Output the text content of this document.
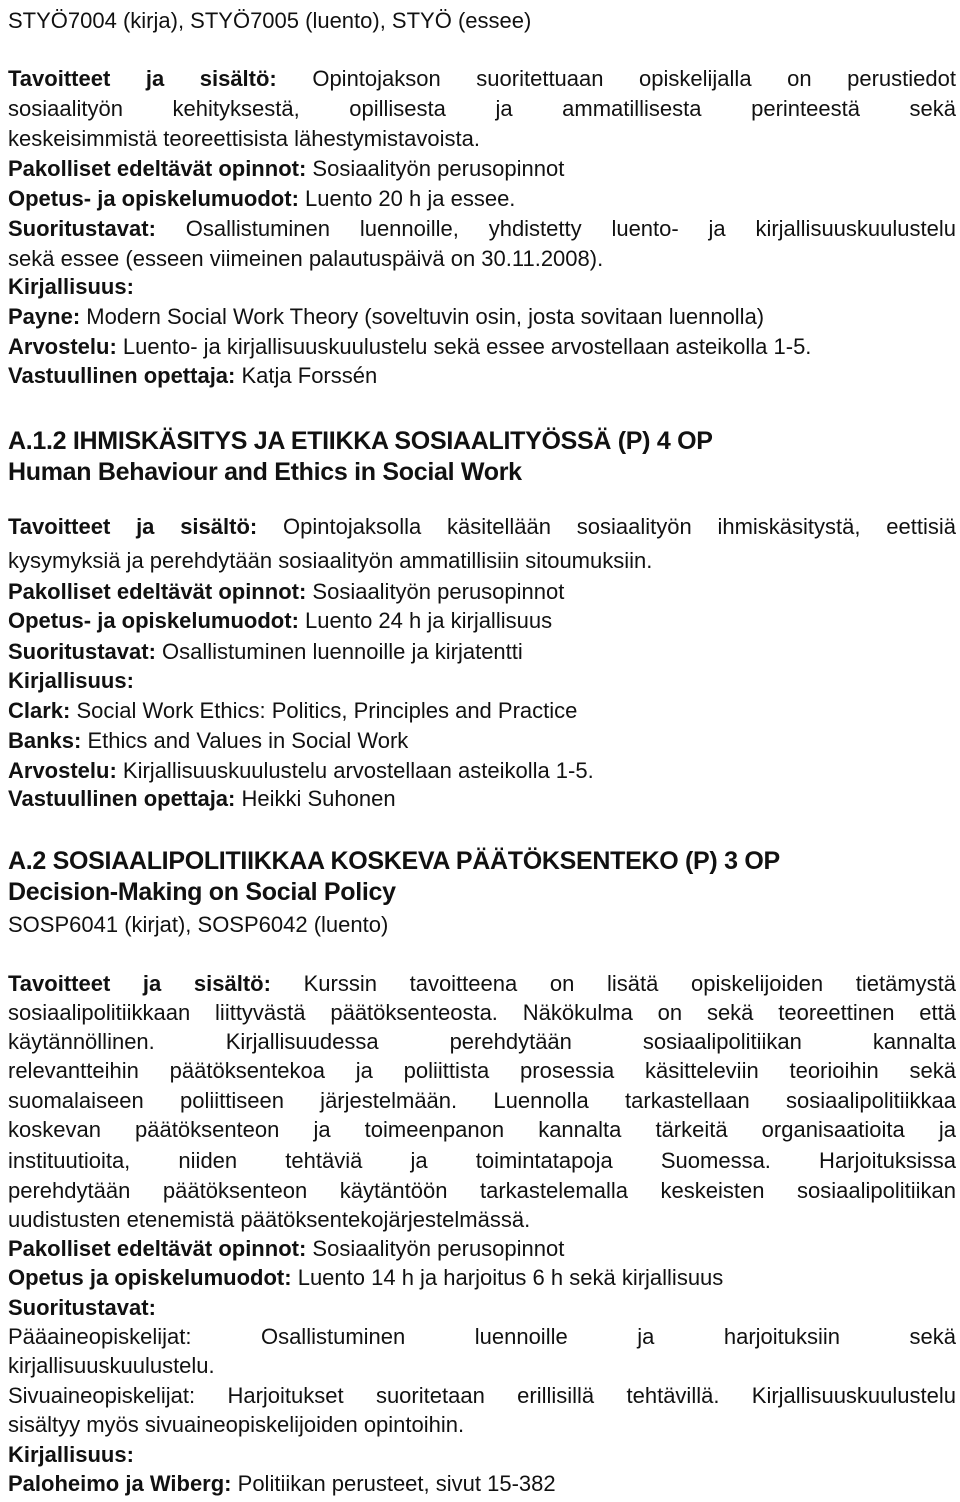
STYÖ7004 (kirja), STYÖ7005 (luento), STYÖ (essee)
Tavoitteet ja sisältö: Opintojakson suoritettuaan opiskelijalla on perustiedot
sosiaalityön kehityksestä, opillisesta ja ammatillisesta perinteestä sekä
keskeisimmistä teoreettisista lähestymistavoista.
Pakolliset edeltävät opinnot: Sosiaalityön perusopinnot
Opetus- ja opiskelumuodot: Luento 20 h ja essee.
Suoritustavat: Osallistuminen luennoille, yhdistetty luento- ja kirjallisuuskuulustelu
sekä essee (esseen viimeinen palautuspäivä on 30.11.2008).
Kirjallisuus:
Payne: Modern Social Work Theory (soveltuvin osin, josta sovitaan luennolla)
Arvostelu: Luento- ja kirjallisuuskuulustelu sekä essee arvostellaan asteikolla 1-5.
Vastuullinen opettaja: Katja Forssén
A.1.2 IHMISKÄSITYS JA ETIIKKA SOSIAALITYÖSSÄ (P) 4 OP
Human Behaviour and Ethics in Social Work
Tavoitteet ja sisältö: Opintojaksolla käsitellään sosiaalityön ihmiskäsitystä, eettisiä
kysymyksiä ja perehdytään sosiaalityön ammatillisiin sitoumuksiin.
Pakolliset edeltävät opinnot: Sosiaalityön perusopinnot
Opetus- ja opiskelumuodot: Luento 24 h ja kirjallisuus
Suoritustavat: Osallistuminen luennoille ja kirjatentti
Kirjallisuus:
Clark: Social Work Ethics: Politics, Principles and Practice
Banks: Ethics and Values in Social Work
Arvostelu: Kirjallisuuskuulustelu arvostellaan asteikolla 1-5.
Vastuullinen opettaja: Heikki Suhonen
A.2 SOSIAALIPOLITIIKKAA KOSKEVA PÄÄTÖKSENTEKO (P) 3 OP
Decision-Making on Social Policy
SOSP6041 (kirjat), SOSP6042 (luento)
Tavoitteet ja sisältö: Kurssin tavoitteena on lisätä opiskelijoiden tietämystä
sosiaalipolitiikkaan liittyvästä päätöksenteosta. Näkökulma on sekä teoreettinen että
käytännöllinen. Kirjallisuudessa perehdytään sosiaalipolitiikan kannalta
relevantteihin päätöksentekoa ja poliittista prosessia käsitteleviin teorioihin sekä
suomalaiseen poliittiseen järjestelmään. Luennolla tarkastellaan sosiaalipolitiikkaa
koskevan päätöksenteon ja toimeenpanon kannalta tärkeitä organisaatioita ja
instituutioita, niiden tehtäviä ja toimintatapoja Suomessa. Harjoituksissa
perehdytään päätöksenteon käytäntöön tarkastelemalla keskeisten sosiaalipolitiikan
uudistusten etenemistä päätöksentekojärjestelmässä.
Pakolliset edeltävät opinnot: Sosiaalityön perusopinnot
Opetus ja opiskelumuodot: Luento 14 h ja harjoitus 6 h sekä kirjallisuus
Suoritustavat:
Pääaineopiskelijat: Osallistuminen luennoille ja harjoituksiin sekä
kirjallisuuskuulustelu.
Sivuaineopiskelijat: Harjoitukset suoritetaan erillisillä tehtävillä. Kirjallisuuskuulustelu
sisältyy myös sivuaineopiskelijoiden opintoihin.
Kirjallisuus:
Paloheimo ja Wiberg: Politiikan perusteet, sivut 15-382
